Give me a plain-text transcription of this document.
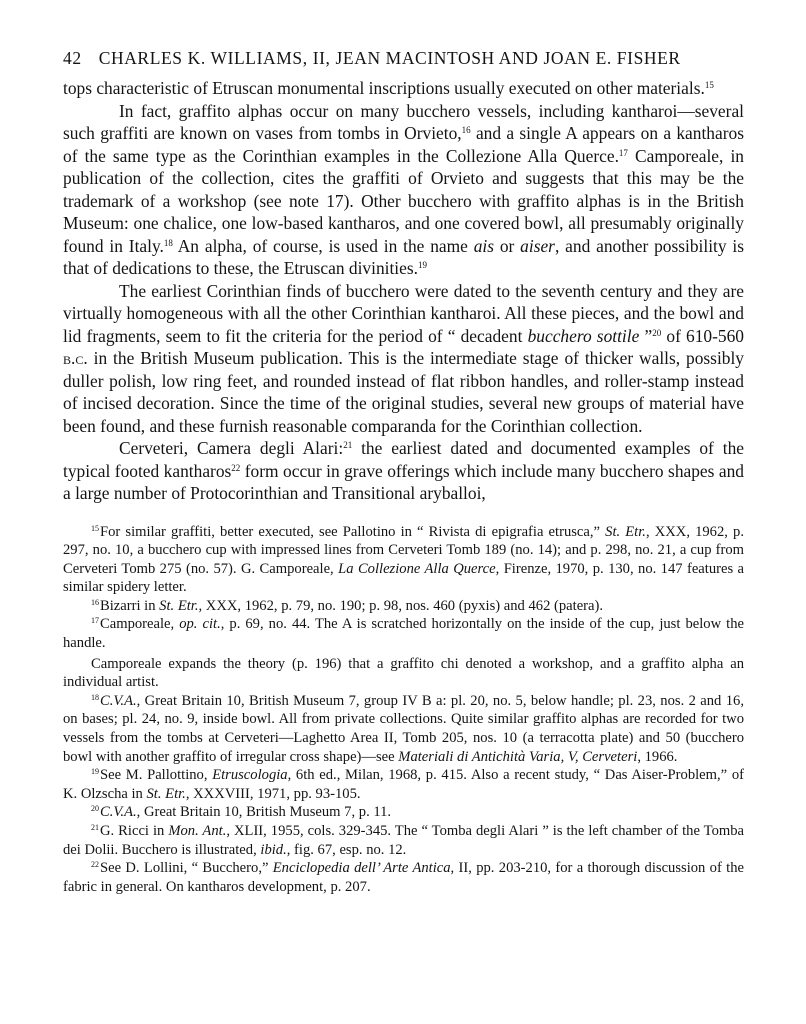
42 CHARLES K. WILLIAMS, II, JEAN MACINTOSH AND JOAN E. FISHER

tops characteristic of Etruscan monumental inscriptions usually executed on other materials.$^{15}$

In fact, graffito alphas occur on many bucchero vessels, including kantharoi—several such graffiti are known on vases from tombs in Orvieto,$^{16}$ and a single A appears on a kantharos of the same type as the Corinthian examples in the Collezione Alla Querce.$^{17}$ Camporeale, in publication of the collection, cites the graffiti of Orvieto and suggests that this may be the trademark of a workshop (see note 17). Other bucchero with graffito alphas is in the British Museum: one chalice, one low-based kantharos, and one covered bowl, all presumably originally found in Italy.$^{18}$ An alpha, of course, is used in the name ais or aiser, and another possibility is that of dedications to these, the Etruscan divinities.$^{19}$

The earliest Corinthian finds of bucchero were dated to the seventh century and they are virtually homogeneous with all the other Corinthian kantharoi. All these pieces, and the bowl and lid fragments, seem to fit the criteria for the period of “ decadent bucchero sottile ”$^{20}$ of 610-560 b.c. in the British Museum publication. This is the intermediate stage of thicker walls, possibly duller polish, low ring feet, and rounded instead of flat ribbon handles, and roller-stamp instead of incised decoration. Since the time of the original studies, several new groups of material have been found, and these furnish reasonable comparanda for the Corinthian collection.

Cerveteri, Camera degli Alari:$^{21}$ the earliest dated and documented examples of the typical footed kantharos$^{22}$ form occur in grave offerings which include many bucchero shapes and a large number of Protocorinthian and Transitional aryballoi,

$^{15}$For similar graffiti, better executed, see Pallotino in “ Rivista di epigrafia etrusca,” St. Etr., XXX, 1962, p. 297, no. 10, a bucchero cup with impressed lines from Cerveteri Tomb 189 (no. 14); and p. 298, no. 21, a cup from Cerveteri Tomb 275 (no. 57). G. Camporeale, La Collezione Alla Querce, Firenze, 1970, p. 130, no. 147 features a similar spidery letter.

$^{16}$Bizarri in St. Etr., XXX, 1962, p. 79, no. 190; p. 98, nos. 460 (pyxis) and 462 (patera).

$^{17}$Camporeale, op. cit., p. 69, no. 44. The A is scratched horizontally on the inside of the cup, just below the handle.

Camporeale expands the theory (p. 196) that a graffito chi denoted a workshop, and a graffito alpha an individual artist.

$^{18}$C.V.A., Great Britain 10, British Museum 7, group IV B a: pl. 20, no. 5, below handle; pl. 23, nos. 2 and 16, on bases; pl. 24, no. 9, inside bowl. All from private collections. Quite similar graffito alphas are recorded for two vessels from the tombs at Cerveteri—Laghetto Area II, Tomb 205, nos. 10 (a terracotta plate) and 50 (bucchero bowl with another graffito of irregular cross shape)—see Materiali di Antichità Varia, V, Cerveteri, 1966.

$^{19}$See M. Pallottino, Etruscologia, 6th ed., Milan, 1968, p. 415. Also a recent study, “ Das Aiser-Problem,” of K. Olzscha in St. Etr., XXXVIII, 1971, pp. 93-105.

$^{20}$C.V.A., Great Britain 10, British Museum 7, p. 11.

$^{21}$G. Ricci in Mon. Ant., XLII, 1955, cols. 329-345. The “ Tomba degli Alari ” is the left chamber of the Tomba dei Dolii. Bucchero is illustrated, ibid., fig. 67, esp. no. 12.

$^{22}$See D. Lollini, “ Bucchero,” Enciclopedia dell’ Arte Antica, II, pp. 203-210, for a thorough discussion of the fabric in general. On kantharos development, p. 207.
